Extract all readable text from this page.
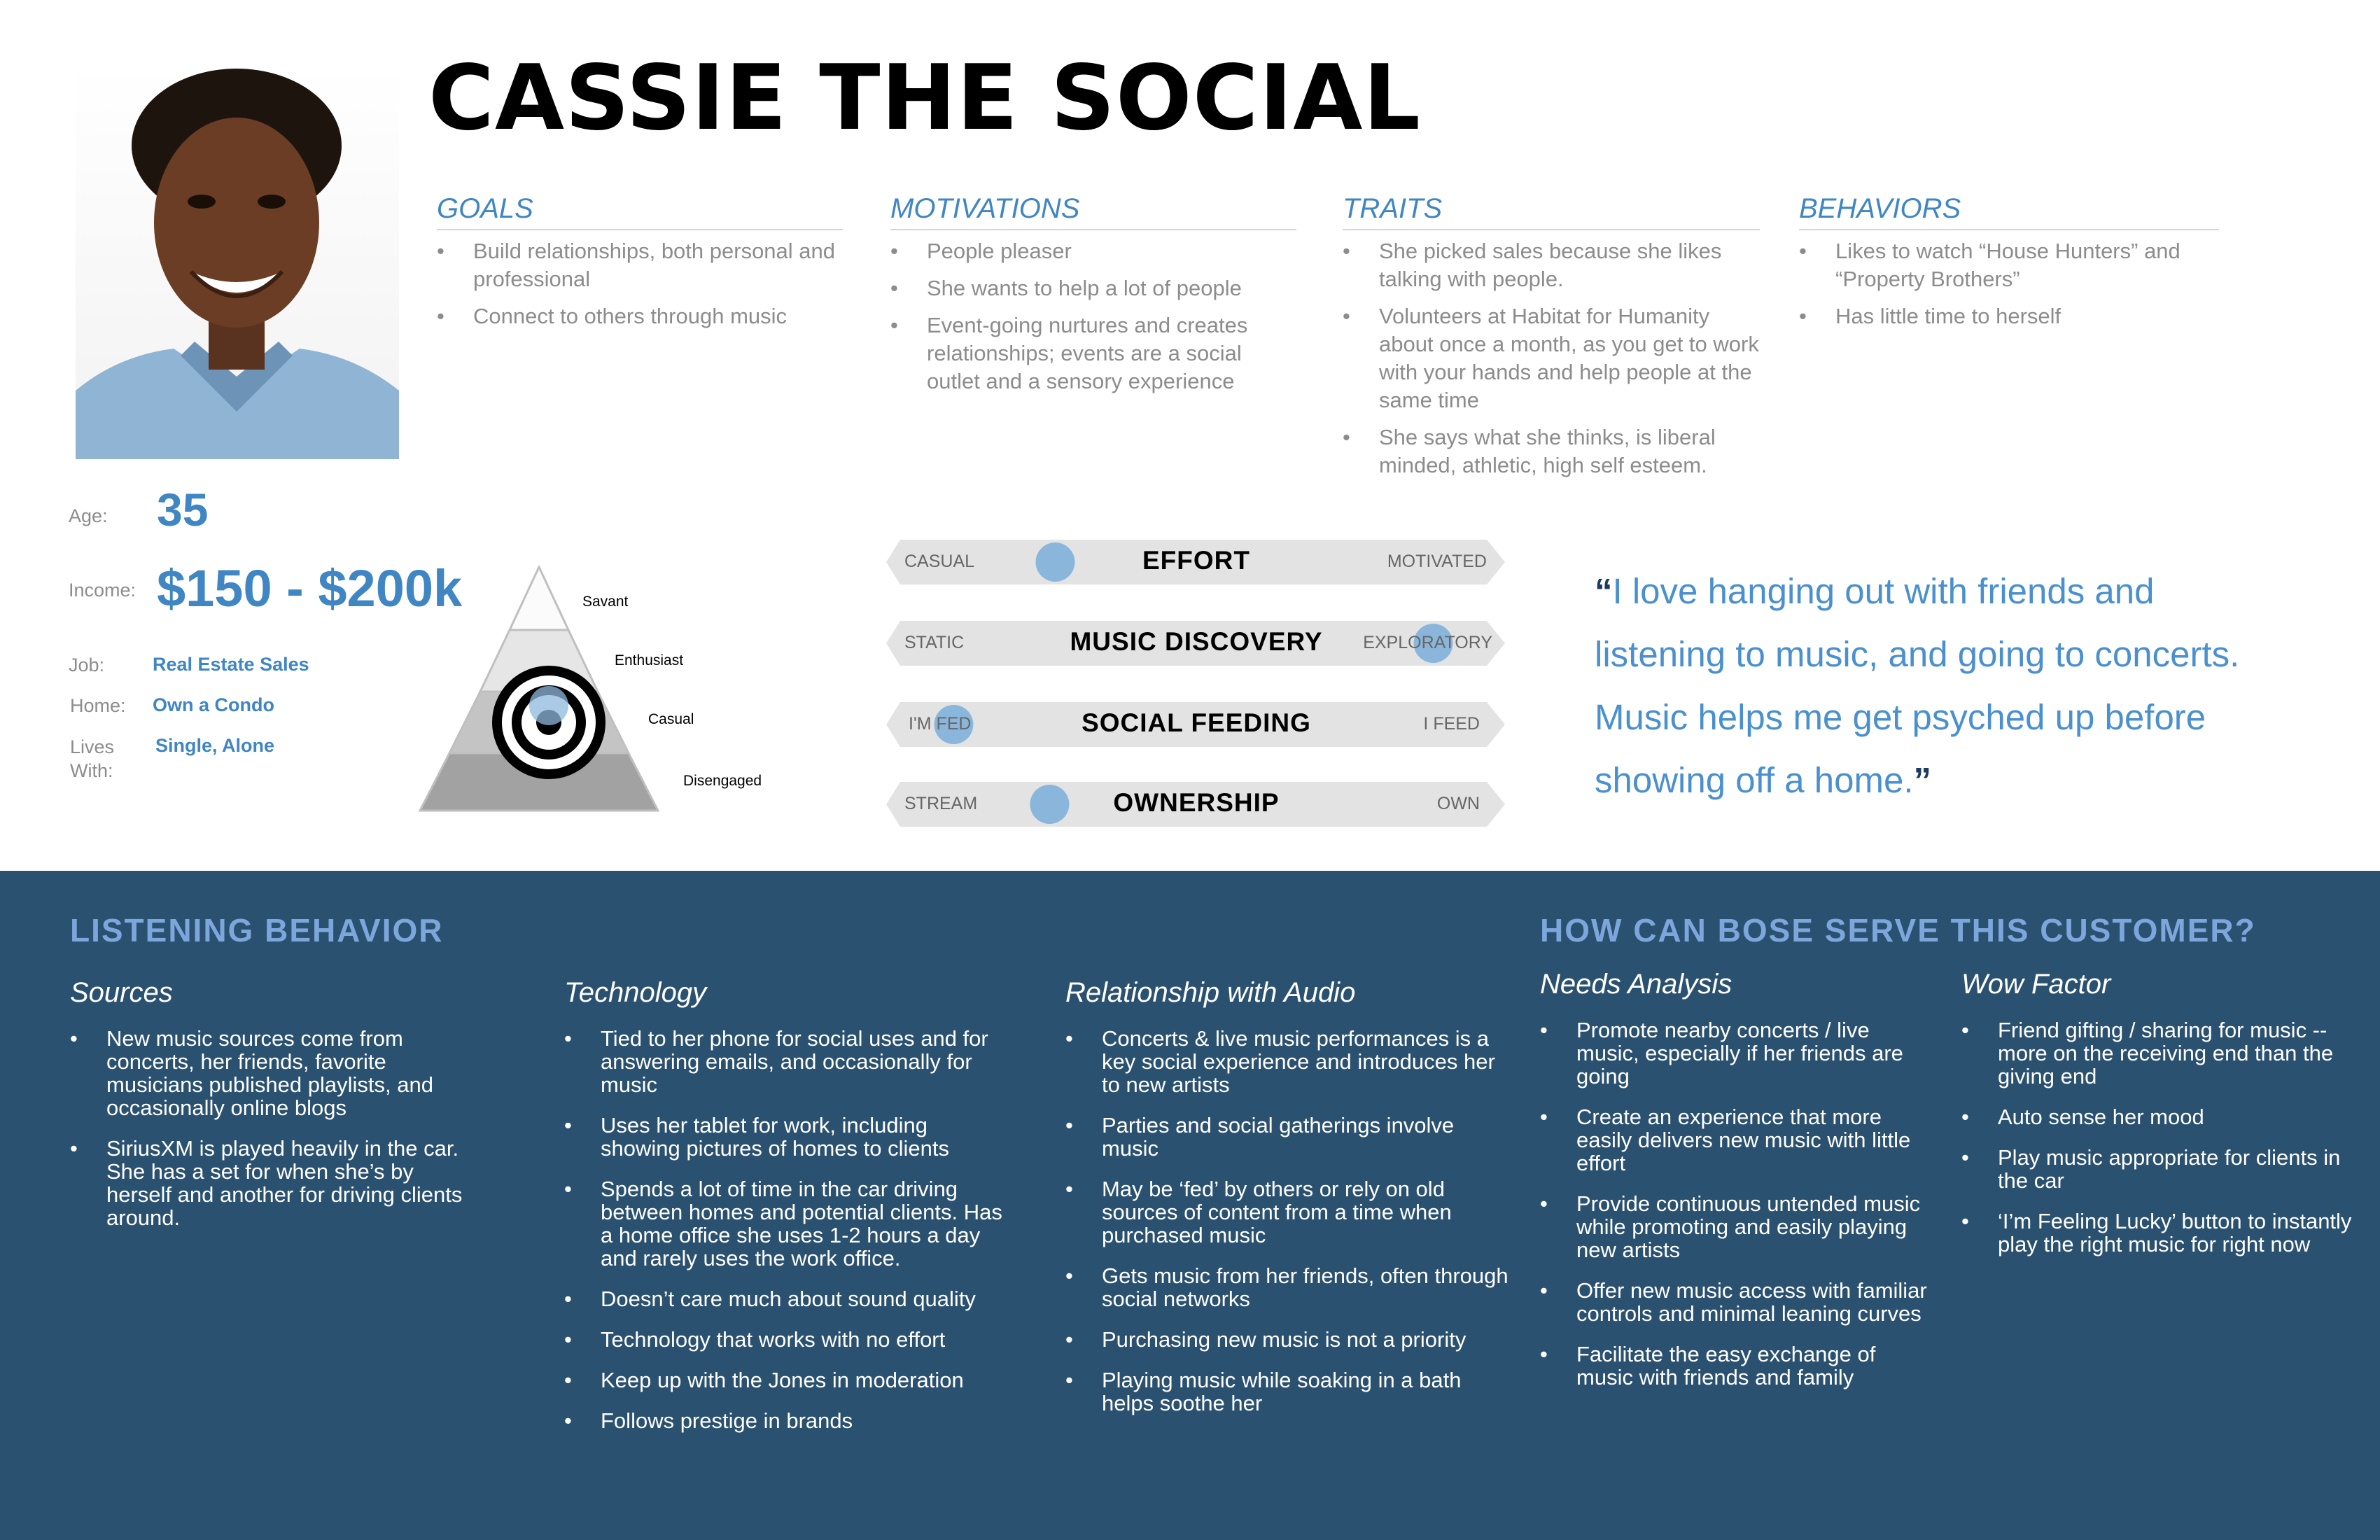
CASSIE THE SOCIAL
GOALS
• Build relationships, both personal and professional
• Connect to others through music
MOTIVATIONS
• People pleaser
• She wants to help a lot of people
• Event-going nurtures and creates relationships; events are a social outlet and a sensory experience
TRAITS
• She picked sales because she likes talking with people.
• Volunteers at Habitat for Humanity about once a month, as you get to work with your hands and help people at the same time
• She says what she thinks, is liberal minded, athletic, high self esteem.
BEHAVIORS
• Likes to watch “House Hunters” and “Property Brothers”
• Has little time to herself
Age: 35
Income: $150 - $200k
Job:	Real Estate Sales
Home: Own a Condo
Lives With:
Single, Alone
Savant
Enthusiast
Casual
Disengaged
CASUAL	EFFORT	MOTIVATED
STATIC	MUSIC DISCOVERY	EXPLORATORY
I'M FED	SOCIAL FEEDING	I FEED
STREAM	OWNERSHIP	OWN
“I love hanging out with friends and listening to music, and going to concerts. Music helps me get psyched up before showing off a home.”
LISTENING BEHAVIOR	HOW CAN BOSE SERVE THIS CUSTOMER?
Sources
• New music sources come from concerts, her friends, favorite musicians published playlists, and occasionally online blogs
• SiriusXM is played heavily in the car. She has a set for when she’s by herself and another for driving clients around.
Technology
• Tied to her phone for social uses and for answering emails, and occasionally for music
• Uses her tablet for work, including showing pictures of homes to clients
• Spends a lot of time in the car driving between homes and potential clients. Has a home office she uses 1-2 hours a day and rarely uses the work office.
• Doesn’t care much about sound quality
• Technology that works with no effort
• Keep up with the Jones in moderation
• Follows prestige in brands
Relationship with Audio
• Concerts & live music performances is a key social experience and introduces her to new artists
• Parties and social gatherings involve music
• May be ‘fed’ by others or rely on old sources of content from a time when purchased music
• Gets music from her friends, often through social networks
• Purchasing new music is not a priority
• Playing music while soaking in a bath helps soothe her
Needs Analysis
• Promote nearby concerts / live music, especially if her friends are going
• Create an experience that more easily delivers new music with little effort
• Provide continuous untended music while promoting and easily playing new artists
• Offer new music access with familiar controls and minimal leaning curves
• Facilitate the easy exchange of music with friends and family
Wow Factor
• Friend gifting / sharing for music -- more on the receiving end than the giving end
• Auto sense her mood
• Play music appropriate for clients in the car
• ‘I’m Feeling Lucky’ button to instantly play the right music for right now
